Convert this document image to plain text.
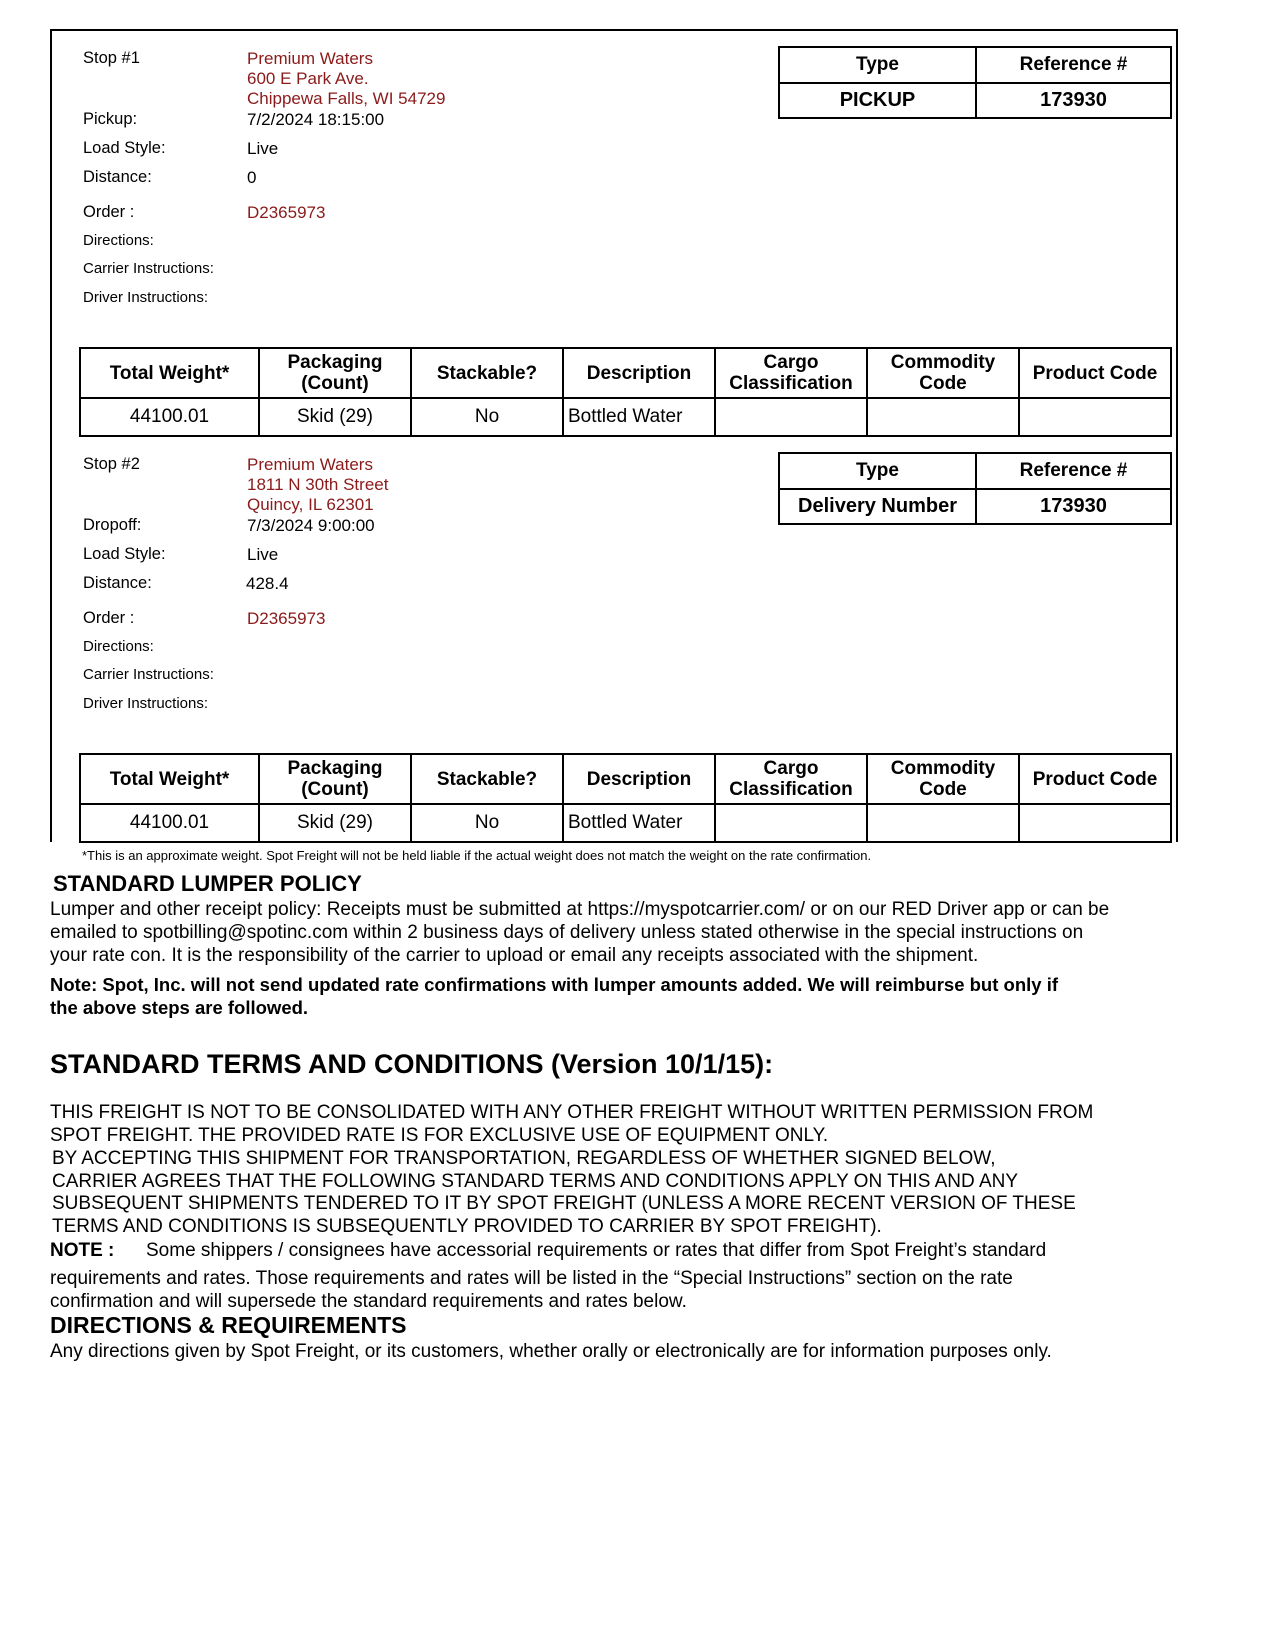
Stop #1	Premium Waters
600 E Park Ave.
Chippewa Falls, WI 54729
Pickup:	7/2/2024 18:15:00
Load Style:	Live
Distance:	0
Order :	D2365973
Directions:
Carrier Instructions:
Driver Instructions:
Type	Reference #
PICKUP	173930
Total Weight*	Packaging (Count)	Stackable?	Description	Cargo Classification	Commodity Code	Product Code
44100.01	Skid (29)	No	Bottled Water			
Stop #2	Premium Waters
1811 N 30th Street
Quincy, IL 62301
Dropoff:	7/3/2024 9:00:00
Load Style:	Live
Distance:	428.4
Order :	D2365973
Directions:
Carrier Instructions:
Driver Instructions:
Type	Reference #
Delivery Number	173930
Total Weight*	Packaging (Count)	Stackable?	Description	Cargo Classification	Commodity Code	Product Code
44100.01	Skid (29)	No	Bottled Water			
*This is an approximate weight. Spot Freight will not be held liable if the actual weight does not match the weight on the rate confirmation.
STANDARD LUMPER POLICY
Lumper and other receipt policy: Receipts must be submitted at https://myspotcarrier.com/ or on our RED Driver app or can be
emailed to spotbilling@spotinc.com within 2 business days of delivery unless stated otherwise in the special instructions on
your rate con. It is the responsibility of the carrier to upload or email any receipts associated with the shipment.
Note: Spot, Inc. will not send updated rate confirmations with lumper amounts added. We will reimburse but only if
the above steps are followed.
STANDARD TERMS AND CONDITIONS (Version 10/1/15):
THIS FREIGHT IS NOT TO BE CONSOLIDATED WITH ANY OTHER FREIGHT WITHOUT WRITTEN PERMISSION FROM
SPOT FREIGHT. THE PROVIDED RATE IS FOR EXCLUSIVE USE OF EQUIPMENT ONLY.
BY ACCEPTING THIS SHIPMENT FOR TRANSPORTATION, REGARDLESS OF WHETHER SIGNED BELOW,
CARRIER AGREES THAT THE FOLLOWING STANDARD TERMS AND CONDITIONS APPLY ON THIS AND ANY
SUBSEQUENT SHIPMENTS TENDERED TO IT BY SPOT FREIGHT (UNLESS A MORE RECENT VERSION OF THESE
TERMS AND CONDITIONS IS SUBSEQUENTLY PROVIDED TO CARRIER BY SPOT FREIGHT).
NOTE : Some shippers / consignees have accessorial requirements or rates that differ from Spot Freight’s standard
requirements and rates. Those requirements and rates will be listed in the “Special Instructions” section on the rate
confirmation and will supersede the standard requirements and rates below.
DIRECTIONS & REQUIREMENTS
Any directions given by Spot Freight, or its customers, whether orally or electronically are for information purposes only.
